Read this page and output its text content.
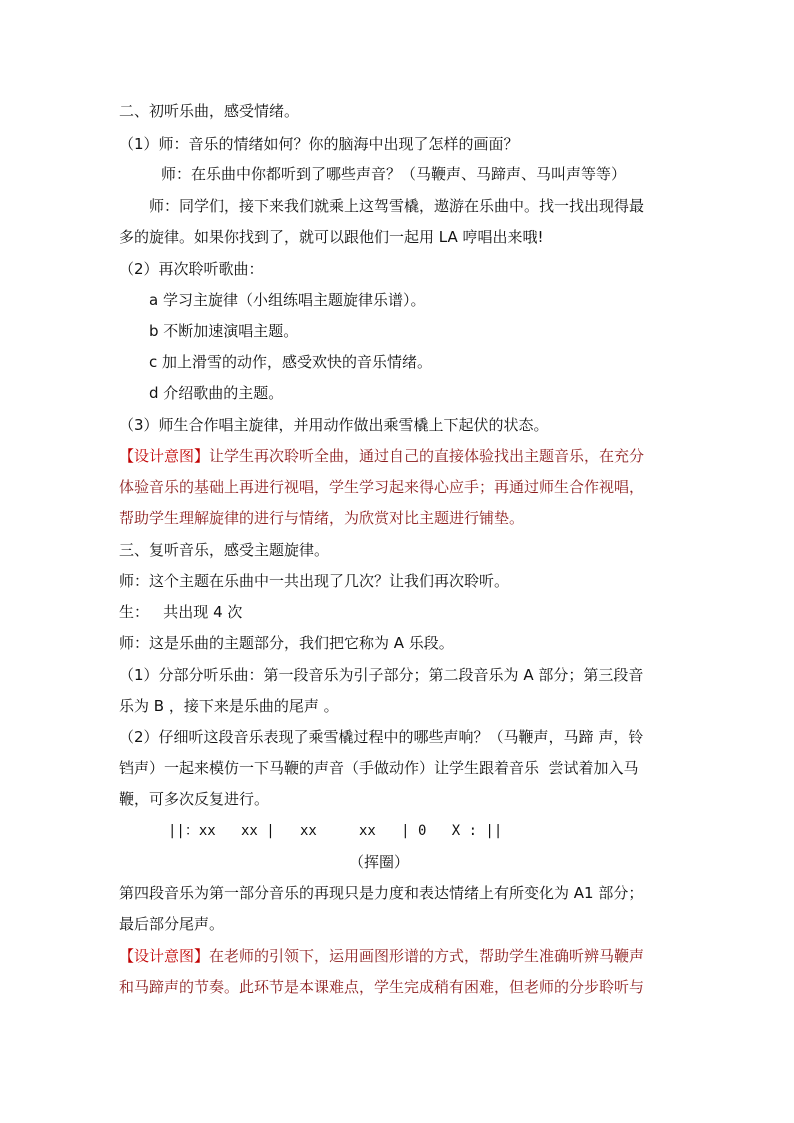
二、初听乐曲，感受情绪。
（1）师：音乐的情绪如何？你的脑海中出现了怎样的画面？
师：在乐曲中你都听到了哪些声音？（马鞭声、马蹄声、马叫声等等）
师：同学们，接下来我们就乘上这驾雪橇，遨游在乐曲中。找一找出现得最
多的旋律。如果你找到了，就可以跟他们一起用 LA 哼唱出来哦!
（2）再次聆听歌曲：
a 学习主旋律（小组练唱主题旋律乐谱）。
b 不断加速演唱主题。
c 加上滑雪的动作，感受欢快的音乐情绪。
d 介绍歌曲的主题。
（3）师生合作唱主旋律，并用动作做出乘雪橇上下起伏的状态。
【设计意图】让学生再次聆听全曲，通过自己的直接体验找出主题音乐，在充分
体验音乐的基础上再进行视唱，学生学习起来得心应手；再通过师生合作视唱，
帮助学生理解旋律的进行与情绪，为欣赏对比主题进行铺垫。
三、复听音乐，感受主题旋律。
师：这个主题在乐曲中一共出现了几次？让我们再次聆听。
生：   共出现 4 次
师：这是乐曲的主题部分，我们把它称为 A 乐段。
（1）分部分听乐曲：第一段音乐为引子部分；第二段音乐为 A 部分；第三段音
乐为 B ，接下来是乐曲的尾声 。
（2）仔细听这段音乐表现了乘雪橇过程中的哪些声响？（马鞭声，马蹄 声，铃
铛声）一起来模仿一下马鞭的声音（手做动作）让学生跟着音乐  尝试着加入马
鞭，可多次反复进行。
||：xx   xx |   xx     xx   | 0   X : ||
（挥圈）
第四段音乐为第一部分音乐的再现只是力度和表达情绪上有所变化为 A1 部分；
最后部分尾声。
【设计意图】在老师的引领下，运用画图形谱的方式，帮助学生准确听辨马鞭声
和马蹄声的节奏。此环节是本课难点，学生完成稍有困难，但老师的分步聆听与
